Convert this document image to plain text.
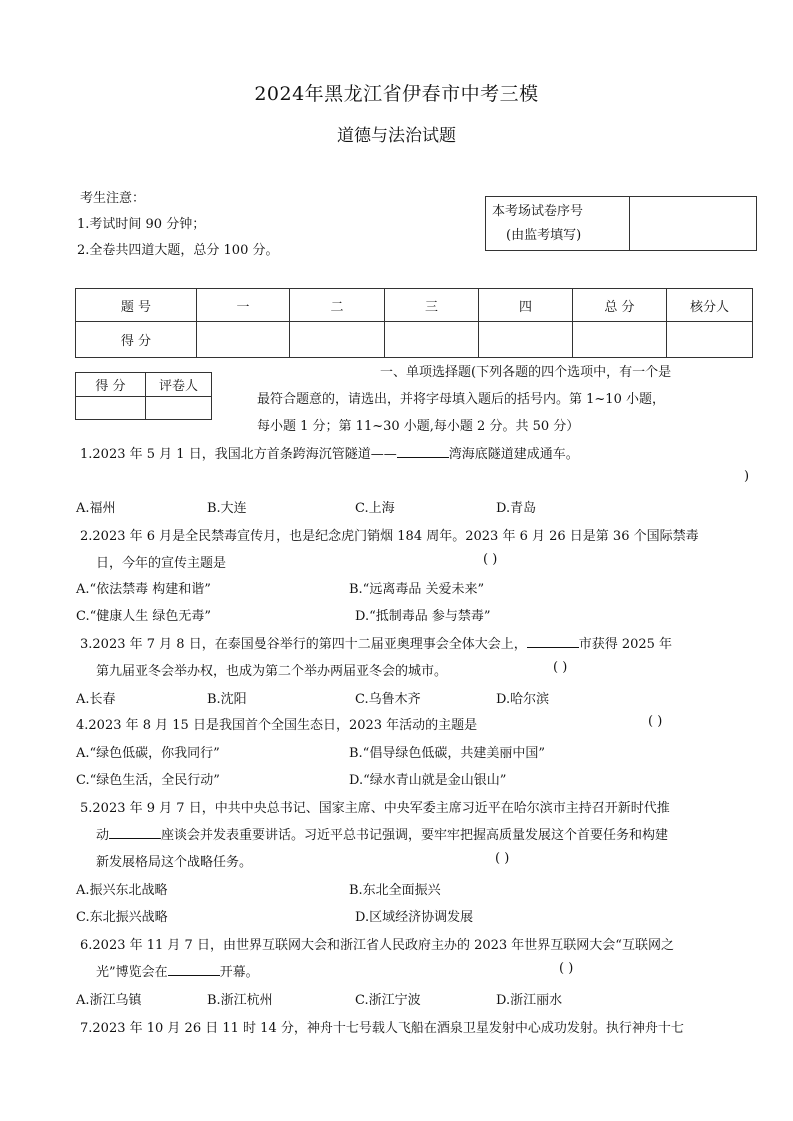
2024年黑龙江省伊春市中考三模
道德与法治试题
考生注意：
1.考试时间 90 分钟；
2.全卷共四道大题，总分 100 分。
本考场试卷序号
(由监考填写)

题 号	一	二	三	四	总 分	核分人
得 分						
得 分	评卷人

一、单项选择题(下列各题的四个选项中，有一个是
最符合题意的，请选出，并将字母填入题后的括号内。第 1~10 小题，
每小题 1 分；第 11~30 小题,每小题 2 分。共 50 分）
1.2023 年 5 月 1 日，我国北方首条跨海沉管隧道——	湾海底隧道建成通车。
)
A.福州	B.大连	C.上海	D.青岛
2.2023 年 6 月是全民禁毒宣传月，也是纪念虎门销烟 184 周年。2023 年 6 月 26 日是第 36 个国际禁毒
日，今年的宣传主题是	( )
A.“依法禁毒 构建和谐”	B.“远离毒品 关爱未来”
C.“健康人生 绿色无毒”	D.“抵制毒品 参与禁毒”
3.2023 年 7 月 8 日，在泰国曼谷举行的第四十二届亚奥理事会全体大会上，	市获得 2025 年
第九届亚冬会举办权，也成为第二个举办两届亚冬会的城市。	( )
A.长春	B.沈阳	C.乌鲁木齐	D.哈尔滨
4.2023 年 8 月 15 日是我国首个全国生态日，2023 年活动的主题是	( )
A.“绿色低碳，你我同行”	B.“倡导绿色低碳，共建美丽中国”
C.“绿色生活，全民行动”	D.“绿水青山就是金山银山”
5.2023 年 9 月 7 日，中共中央总书记、国家主席、中央军委主席习近平在哈尔滨市主持召开新时代推
动	座谈会并发表重要讲话。习近平总书记强调，要牢牢把握高质量发展这个首要任务和构建
新发展格局这个战略任务。	( )
A.振兴东北战略	B.东北全面振兴
C.东北振兴战略	D.区域经济协调发展
6.2023 年 11 月 7 日，由世界互联网大会和浙江省人民政府主办的 2023 年世界互联网大会“互联网之
光”博览会在	开幕。	( )
A.浙江乌镇	B.浙江杭州	C.浙江宁波	D.浙江丽水
7.2023 年 10 月 26 日 11 时 14 分，神舟十七号载人飞船在酒泉卫星发射中心成功发射。执行神舟十七
